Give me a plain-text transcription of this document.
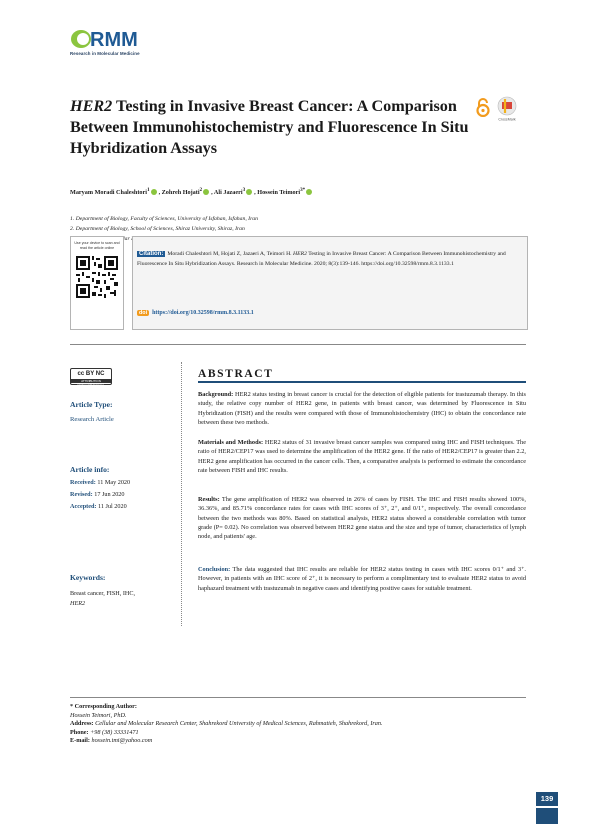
RMM
Research in Molecular Medicine
HER2 Testing in Invasive Breast Cancer: A Comparison Between Immunohistochemistry and Fluorescence In Situ Hybridization Assays
CrossMark
Maryam Moradi Chaleshtori$^1$ , Zohreh Hojati$^2$ , Ali Jazaeri$^3$ , Hossein Teimori$^{3*}$
1. Department of Biology, Faculty of Sciences, University of Isfahan, Isfahan, Iran
2. Department of Biology, School of Sciences, Shiraz University, Shiraz, Iran
Use your device to scan and read the article online
Citation: Moradi Chaleshtori M, Hojati Z, Jazaeri A, Teimori H. HER2 Testing in Invasive Breast Cancer: A Comparison Between Immunohistochemistry and Fluorescence In Situ Hybridization Assays. Research in Molecular Medicine. 2020; 8(3):139-146. https://doi.org/10.32598/rmm.8.3.1133.1
doi https://doi.org/10.32598/rmm.8.3.1133.1
cc BY NC
ATTRIBUTION NONCOMMERCIAL
Article Type:
Research Article
Article info:
Received: 11 May 2020
Revised: 17 Jun 2020
Accepted: 11 Jul 2020
Keywords:
Breast cancer, FISH, IHC,
HER2
ABSTRACT
Background: HER2 status testing in breast cancer is crucial for the detection of eligible patients for trastuzumab therapy. In this study, the relative copy number of HER2 gene, in patients with breast cancer, was determined by Fluorescence in Situ Hybridization (FISH) and the results were compared with those of Immunohistochemistry (IHC) to obtain the concordance rate between these two methods.
Materials and Methods: HER2 status of 31 invasive breast cancer samples was compared using IHC and FISH techniques. The ratio of HER2/CEP17 was used to determine the amplification of the HER2 gene. If the ratio of HER2/CEP17 is greater than 2.2, HER2 gene amplification has occurred in the cancer cells. Then, a comparative analysis is performed to estimate the concordance rate between FISH and IHC results.
Results: The gene amplification of HER2 was observed in 26% of cases by FISH. The IHC and FISH results showed 100%, 36.36%, and 85.71% concordance rates for cases with IHC scores of 3⁺, 2⁺, and 0/1⁺, respectively. The overall concordance between the two methods was 80%. Based on statistical analysis, HER2 status showed a considerable correlation with tumor grade (P= 0.02). No correlation was observed between HER2 gene status and the size and type of tumor, characteristics of lymph node, and patients' age.
Conclusion: The data suggested that IHC results are reliable for HER2 status testing in cases with IHC scores 0/1⁺ and 3⁺. However, in patients with an IHC score of 2⁺, it is necessary to perform a complimentary test to evaluate HER2 status to avoid haphazard treatment with trastuzumab in negative cases and identifying positive cases for suitable treatment.
* Corresponding Author:
Hossein Teimori, PhD.
Address: Cellular and Molecular Research Center, Shahrekord University of Medical Sciences, Rahmatieh, Shahrekord, Iran.
Phone: +98 (38) 33331471
E-mail: hossein.tmi@yahoo.com
139
